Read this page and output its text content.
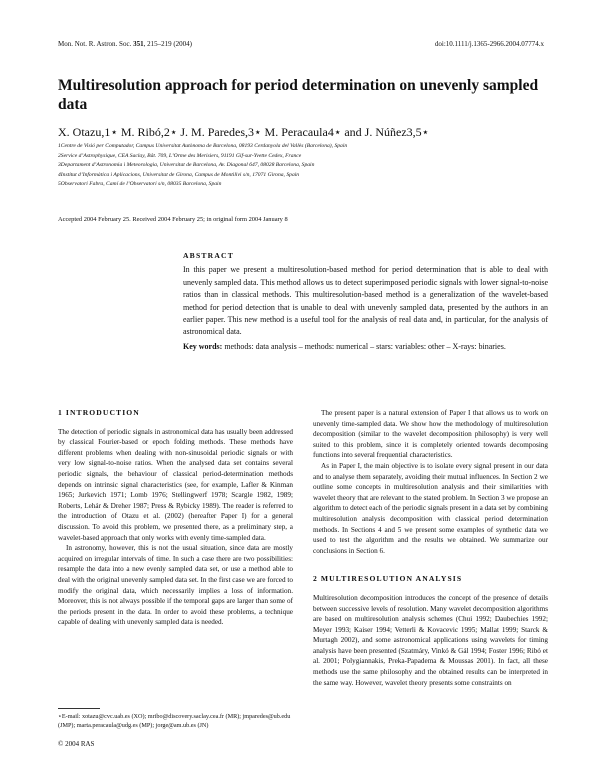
Mon. Not. R. Astron. Soc. 351, 215–219 (2004)	doi:10.1111/j.1365-2966.2004.07774.x
Multiresolution approach for period determination on unevenly sampled data
X. Otazu,1⋆ M. Ribó,2⋆ J. M. Paredes,3⋆ M. Peracaula4⋆ and J. Núñez3,5⋆
1Centre de Visió per Computador, Campus Universitat Autònoma de Barcelona, 08193 Cerdanyola del Vallès (Barcelona), Spain
2Service d’Astrophysique, CEA Saclay, Bât. 709, L’Orme des Merisiers, 91191 Gif-sur-Yvette Cedex, France
3Departament d’Astronomia i Meteorologia, Universitat de Barcelona, Av. Diagonal 647, 08028 Barcelona, Spain
4Institut d’Informàtica i Aplicacions, Universitat de Girona, Campus de Montilivi s/n, 17071 Girona, Spain
5Observatori Fabra, Camí de l’Observatori s/n, 08035 Barcelona, Spain
Accepted 2004 February 25. Received 2004 February 25; in original form 2004 January 8
ABSTRACT

In this paper we present a multiresolution-based method for period determination that is able to deal with unevenly sampled data. This method allows us to detect superimposed periodic signals with lower signal-to-noise ratios than in classical methods. This multiresolution-based method is a generalization of the wavelet-based method for period detection that is unable to deal with unevenly sampled data, presented by the authors in an earlier paper. This new method is a useful tool for the analysis of real data and, in particular, for the analysis of astronomical data.

Key words: methods: data analysis – methods: numerical – stars: variables: other – X-rays: binaries.

1 INTRODUCTION

The detection of periodic signals in astronomical data has usually been addressed by classical Fourier-based or epoch folding methods. These methods have different problems when dealing with non-sinusoidal periodic signals or with very low signal-to-noise ratios. When the analysed data set contains several periodic signals, the behaviour of classical period-determination methods depends on intrinsic signal characteristics (see, for example, Lafler & Kinman 1965; Jurkevich 1971; Lomb 1976; Stellingwerf 1978; Scargle 1982, 1989; Roberts, Lehár & Dreher 1987; Press & Rybicky 1989). The reader is referred to the introduction of Otazu et al. (2002) (hereafter Paper I) for a general discussion. To avoid this problem, we presented there, as a preliminary step, a wavelet-based approach that only works with evenly time-sampled data.

In astronomy, however, this is not the usual situation, since data are mostly acquired on irregular intervals of time. In such a case there are two possibilities: resample the data into a new evenly sampled data set, or use a method able to deal with the original unevenly sampled data set. In the first case we are forced to modify the original data, which necessarily implies a loss of information. Moreover, this is not always possible if the temporal gaps are larger than some of the periods present in the data. In order to avoid these problems, a technique capable of dealing with unevenly sampled data is needed.

The present paper is a natural extension of Paper I that allows us to work on unevenly time-sampled data. We show how the methodology of multiresolution decomposition (similar to the wavelet decomposition philosophy) is very well suited to this problem, since it is completely oriented towards decomposing functions into several frequential characteristics.

As in Paper I, the main objective is to isolate every signal present in our data and to analyse them separately, avoiding their mutual influences. In Section 2 we outline some concepts in multiresolution analysis and their similarities with wavelet theory that are relevant to the stated problem. In Section 3 we propose an algorithm to detect each of the periodic signals present in a data set by combining multiresolution analysis decomposition with classical period determination methods. In Sections 4 and 5 we present some examples of synthetic data we used to test the algorithm and the results we obtained. We summarize our conclusions in Section 6.

2 MULTIRESOLUTION ANALYSIS

Multiresolution decomposition introduces the concept of the presence of details between successive levels of resolution. Many wavelet decomposition algorithms are based on multiresolution analysis schemes (Chui 1992; Daubechies 1992; Meyer 1993; Kaiser 1994; Vetterli & Kovacevic 1995; Mallat 1999; Starck & Murtagh 2002), and some astronomical applications using wavelets for timing analysis have been presented (Szatmáry, Vinkó & Gál 1994; Foster 1996; Ribó et al. 2001; Polygiannakis, Preka-Papadema & Moussas 2001). In fact, all these methods use the same philosophy and the obtained results can be interpreted in the same way. However, wavelet theory presents some constraints on

⋆E-mail: xotazu@cvc.uab.es (XO); mribo@discovery.saclay.cea.fr (MR); jmparedes@ub.edu (JMP); marta.peracaula@udg.es (MP); jorge@am.ub.es (JN)
© 2004 RAS
